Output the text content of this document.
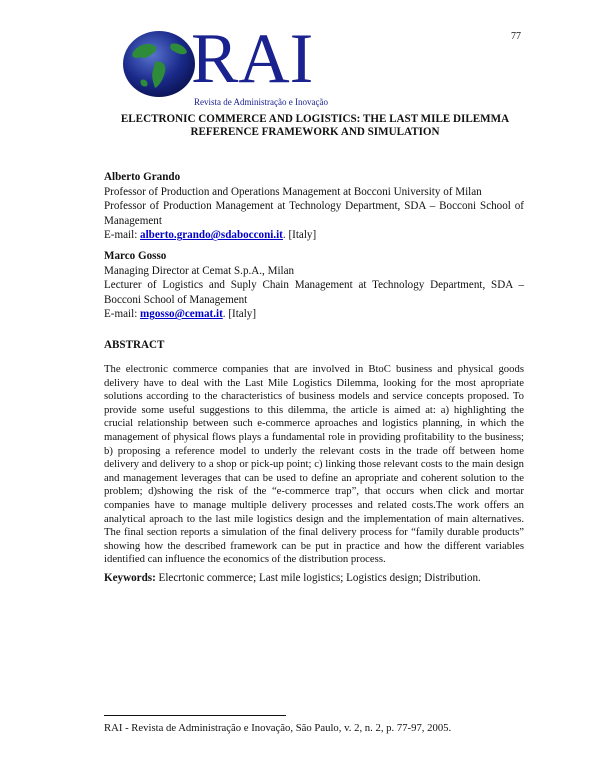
77
RAI
Revista de Administração e Inovação
ELECTRONIC COMMERCE AND LOGISTICS: THE LAST MILE DILEMMA
REFERENCE FRAMEWORK AND SIMULATION
Alberto Grando
Professor of Production and Operations Management at Bocconi University of Milan
Professor of Production Management at Technology Department, SDA – Bocconi School of Management
E-mail: alberto.grando@sdabocconi.it. [Italy]
Marco Gosso
Managing Director at Cemat S.p.A., Milan
Lecturer of Logistics and Suply Chain Management at Technology Department, SDA – Bocconi School of Management
E-mail: mgosso@cemat.it. [Italy]
ABSTRACT
The electronic commerce companies that are involved in BtoC business and physical goods delivery have to deal with the Last Mile Logistics Dilemma, looking for the most apropriate solutions according to the characteristics of business models and service concepts proposed. To provide some useful suggestions to this dilemma, the article is aimed at: a) highlighting the crucial relationship between such e-commerce aproaches and logistics planning, in which the management of physical flows plays a fundamental role in providing profitability to the business; b) proposing a reference model to underly the relevant costs in the trade off between home delivery and delivery to a shop or pick-up point; c) linking those relevant costs to the main design and management leverages that can be used to define an apropriate and coherent solution to the problem; d)showing the risk of the “e-commerce trap”, that occurs when click and mortar companies have to manage multiple delivery processes and related costs.The work offers an analytical aproach to the last mile logistics design and the implementation of main alternatives. The final section reports a simulation of the final delivery process for “family durable products” showing how the described framework can be put in practice and how the different variables identified can influence the economics of the distribution process.
Keywords: Elecrtonic commerce; Last mile logistics; Logistics design; Distribution.
RAI - Revista de Administração e Inovação, São Paulo, v. 2, n. 2, p. 77-97, 2005.
